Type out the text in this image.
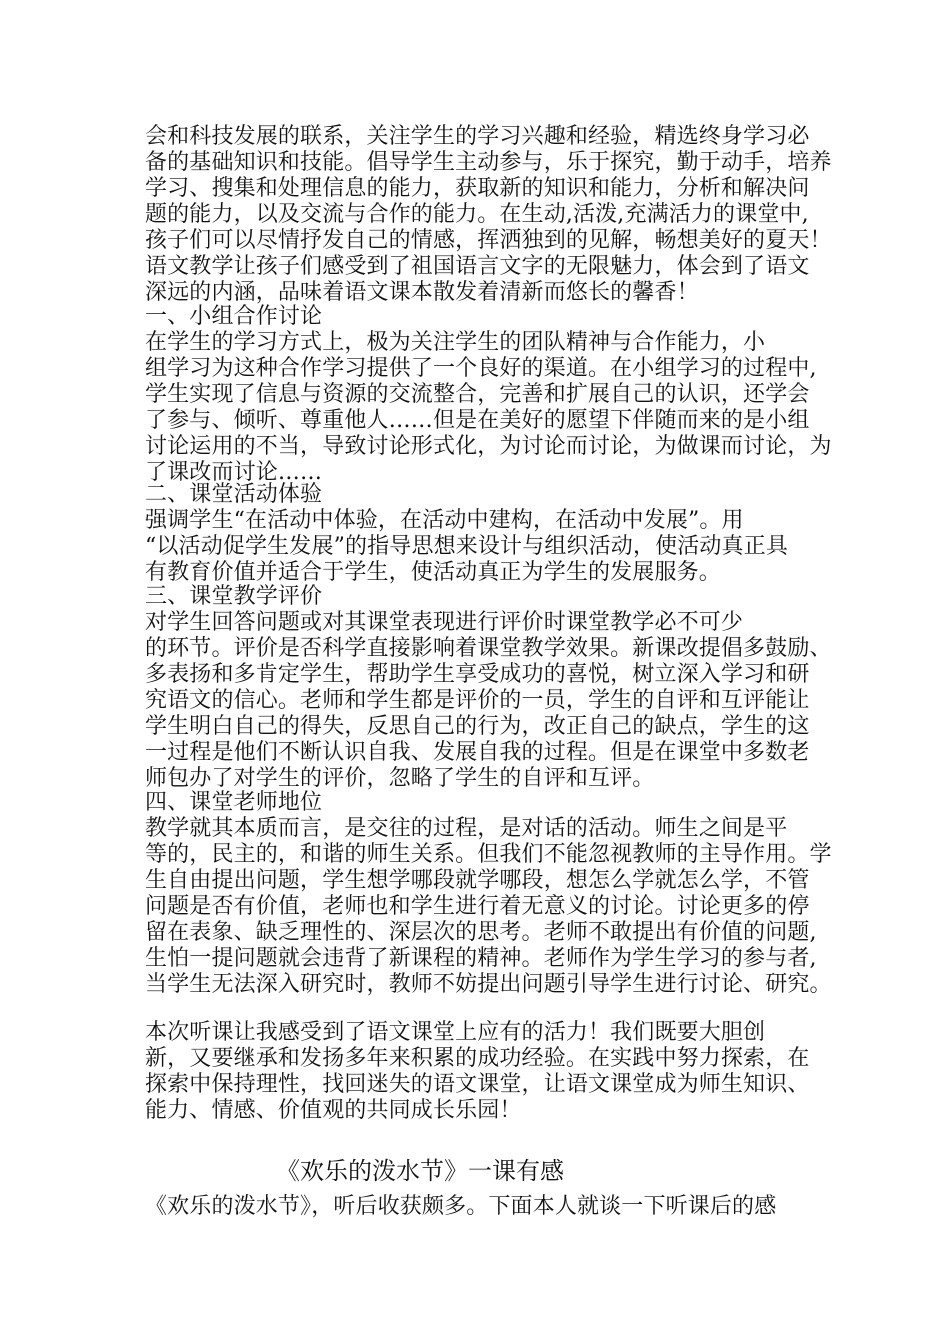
会和科技发展的联系，关注学生的学习兴趣和经验，精选终身学习必
备的基础知识和技能。倡导学生主动参与，乐于探究，勤于动手，培养
学习、搜集和处理信息的能力，获取新的知识和能力，分析和解决问
题的能力，以及交流与合作的能力。在生动,活泼,充满活力的课堂中,
孩子们可以尽情抒发自己的情感，挥洒独到的见解，畅想美好的夏天！
语文教学让孩子们感受到了祖国语言文字的无限魅力，体会到了语文
深远的内涵，品味着语文课本散发着清新而悠长的馨香！
一、小组合作讨论
在学生的学习方式上，极为关注学生的团队精神与合作能力，小
组学习为这种合作学习提供了一个良好的渠道。在小组学习的过程中,
学生实现了信息与资源的交流整合，完善和扩展自己的认识，还学会
了参与、倾听、尊重他人……但是在美好的愿望下伴随而来的是小组
讨论运用的不当，导致讨论形式化，为讨论而讨论，为做课而讨论，为
了课改而讨论……
二、课堂活动体验
强调学生“在活动中体验，在活动中建构，在活动中发展”。用
“以活动促学生发展”的指导思想来设计与组织活动，使活动真正具
有教育价值并适合于学生，使活动真正为学生的发展服务。
三、课堂教学评价
对学生回答问题或对其课堂表现进行评价时课堂教学必不可少
的环节。评价是否科学直接影响着课堂教学效果。新课改提倡多鼓励、
多表扬和多肯定学生，帮助学生享受成功的喜悦，树立深入学习和研
究语文的信心。老师和学生都是评价的一员，学生的自评和互评能让
学生明白自己的得失，反思自己的行为，改正自己的缺点，学生的这
一过程是他们不断认识自我、发展自我的过程。但是在课堂中多数老
师包办了对学生的评价，忽略了学生的自评和互评。
四、课堂老师地位
教学就其本质而言，是交往的过程，是对话的活动。师生之间是平
等的，民主的，和谐的师生关系。但我们不能忽视教师的主导作用。学
生自由提出问题，学生想学哪段就学哪段，想怎么学就怎么学，不管
问题是否有价值，老师也和学生进行着无意义的讨论。讨论更多的停
留在表象、缺乏理性的、深层次的思考。老师不敢提出有价值的问题,
生怕一提问题就会违背了新课程的精神。老师作为学生学习的参与者,
当学生无法深入研究时，教师不妨提出问题引导学生进行讨论、研究。
本次听课让我感受到了语文课堂上应有的活力！我们既要大胆创
新，又要继承和发扬多年来积累的成功经验。在实践中努力探索，在
探索中保持理性，找回迷失的语文课堂，让语文课堂成为师生知识、
能力、情感、价值观的共同成长乐园！
《欢乐的泼水节》一课有感
《欢乐的泼水节》，听后收获颇多。下面本人就谈一下听课后的感
